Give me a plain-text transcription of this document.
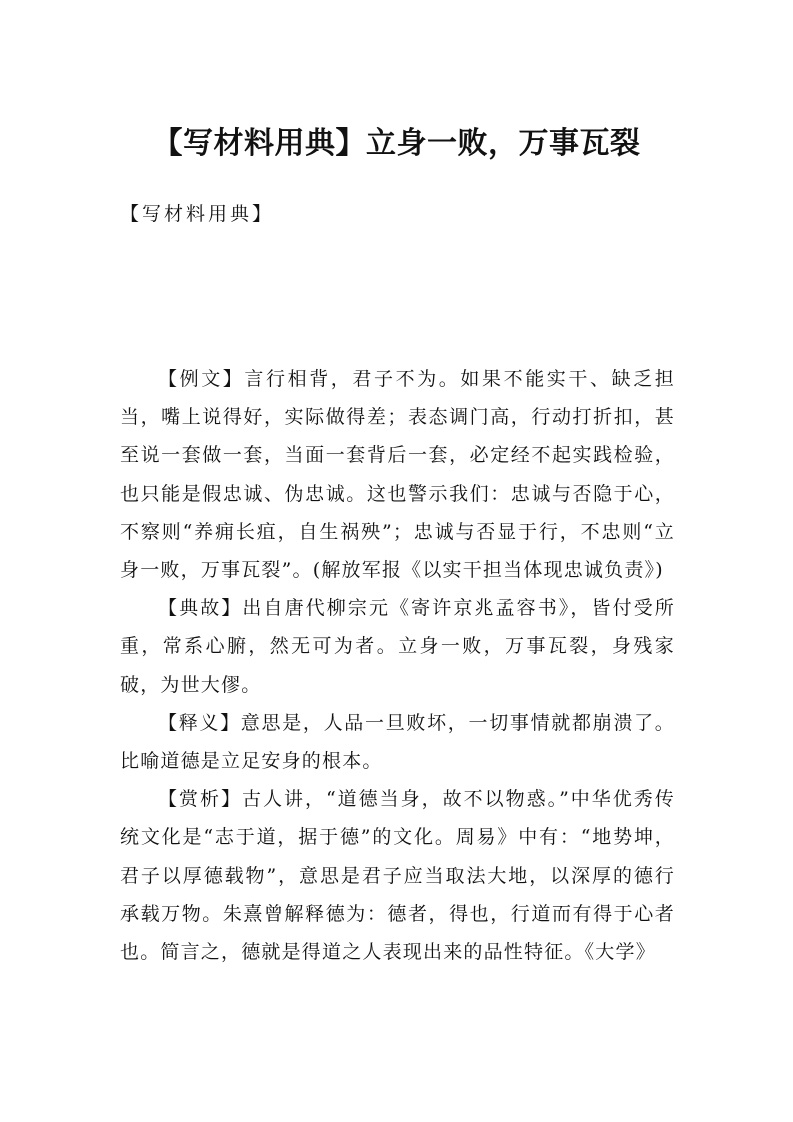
【写材料用典】立身一败，万事瓦裂
【写材料用典】

【例文】言行相背，君子不为。如果不能实干、缺乏担当，嘴上说得好，实际做得差；表态调门高，行动打折扣，甚至说一套做一套，当面一套背后一套，必定经不起实践检验，也只能是假忠诚、伪忠诚。这也警示我们：忠诚与否隐于心，不察则“养痈长疽，自生祸殃”；忠诚与否显于行，不忠则“立身一败，万事瓦裂”。(解放军报《以实干担当体现忠诚负责》)

【典故】出自唐代柳宗元《寄许京兆孟容书》，皆付受所重，常系心腑，然无可为者。立身一败，万事瓦裂，身残家破，为世大僇。

【释义】意思是，人品一旦败坏，一切事情就都崩溃了。比喻道德是立足安身的根本。

【赏析】古人讲，“道德当身，故不以物惑。”中华优秀传统文化是“志于道，据于德”的文化。周易》中有：“地势坤，君子以厚德载物”，意思是君子应当取法大地，以深厚的德行承载万物。朱熹曾解释德为：德者，得也，行道而有得于心者也。简言之，德就是得道之人表现出来的品性特征。《大学》
